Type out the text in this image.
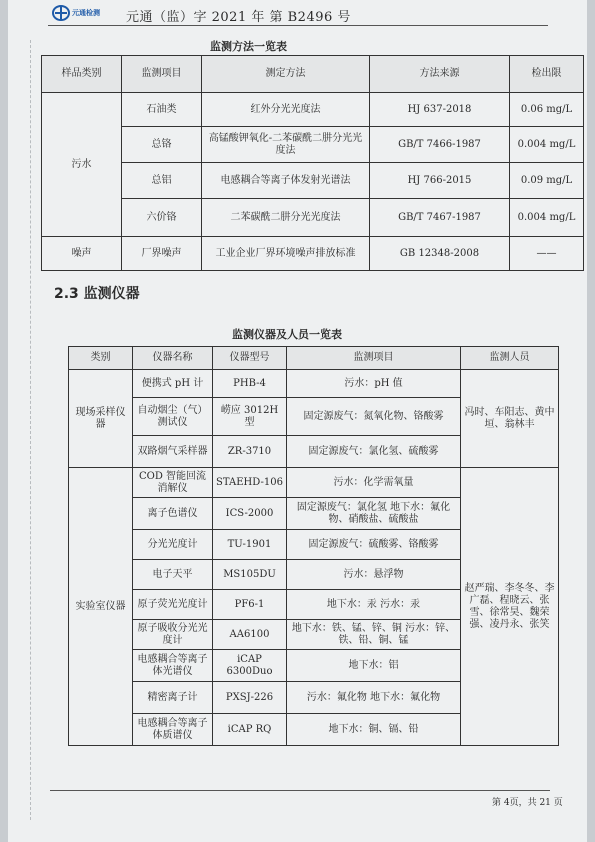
元通检测 元通（监）字 2021 年 第 B2496 号
监测方法一览表
样品类别	监测项目	测定方法	方法来源	检出限
污水	石油类	红外分光光度法	HJ 637-2018	0.06 mg/L
	总铬	高锰酸钾氧化-二苯碳酰二肼分光光度法	GB/T 7466-1987	0.004 mg/L
	总铝	电感耦合等离子体发射光谱法	HJ 766-2015	0.09 mg/L
	六价铬	二苯碳酰二肼分光光度法	GB/T 7467-1987	0.004 mg/L
噪声	厂界噪声	工业企业厂界环境噪声排放标准	GB 12348-2008	——
2.3 监测仪器
监测仪器及人员一览表
类别	仪器名称	仪器型号	监测项目	监测人员
现场采样仪器	便携式 pH 计	PHB-4	污水：pH 值	冯时、车阳志、黄中垣、翁林丰
	自动烟尘（气）测试仪	崂应 3012H 型	固定源废气：氮氧化物、铬酸雾	
	双路烟气采样器	ZR-3710	固定源废气：氯化氢、硫酸雾	
实验室仪器	COD 智能回流消解仪	STAEHD-106	污水：化学需氧量	赵严瑞、李冬冬、李广磊、程晓云、张雪、徐常昊、魏荣强、凌丹永、张笑
	离子色谱仪	ICS-2000	固定源废气：氯化氢 地下水：氟化物、硝酸盐、硫酸盐	
	分光光度计	TU-1901	固定源废气：硫酸雾、铬酸雾	
	电子天平	MS105DU	污水：悬浮物	
	原子荧光光度计	PF6-1	地下水：汞 污水：汞	
	原子吸收分光光度计	AA6100	地下水：铁、锰、锌、铜 污水：锌、铁、铅、铜、锰	
	电感耦合等离子体光谱仪	iCAP 6300Duo	地下水：铝	
	精密离子计	PXSJ-226	污水：氟化物 地下水：氟化物	
	电感耦合等离子体质谱仪	iCAP RQ	地下水：铜、镉、铅	
第 4页，共 21 页
